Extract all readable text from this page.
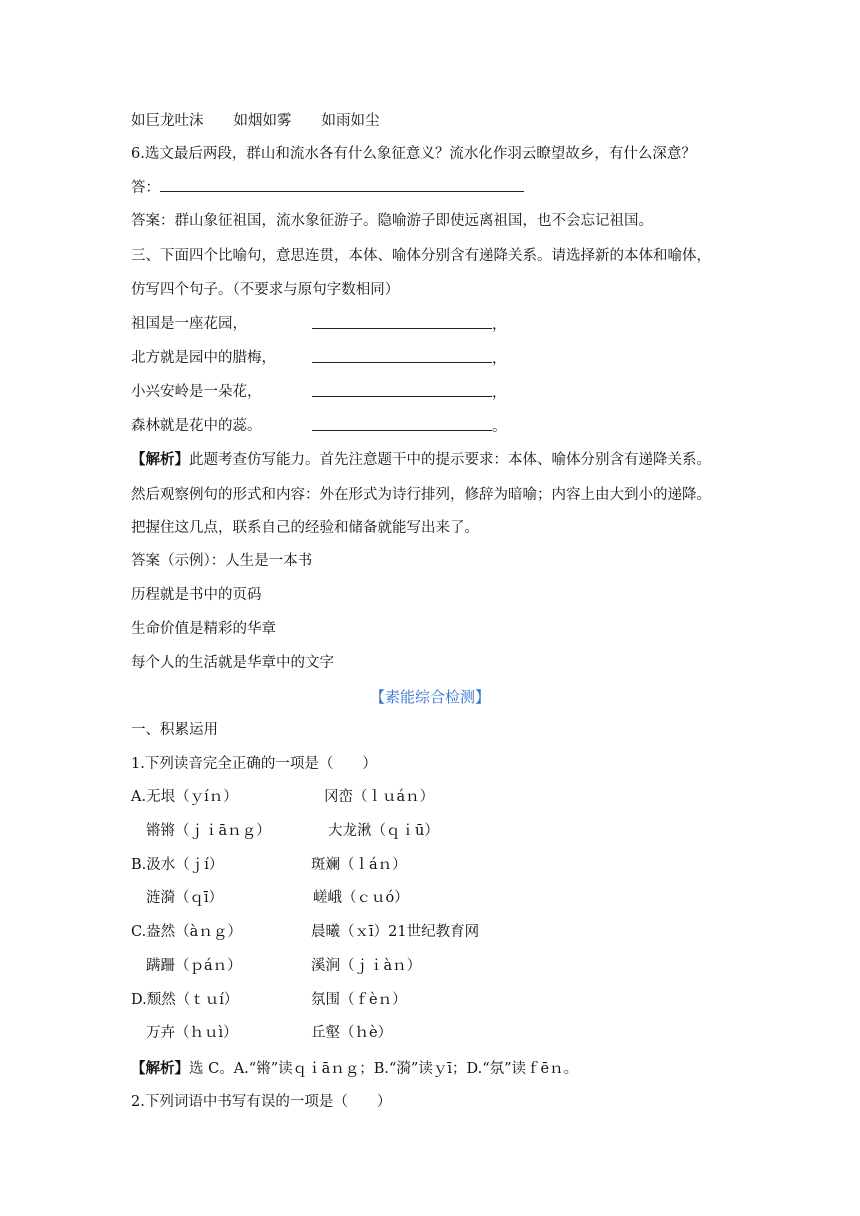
如巨龙吐沫 如烟如雾 如雨如尘
6.选文最后两段，群山和流水各有什么象征意义？流水化作羽云瞭望故乡，有什么深意？
答：
答案：群山象征祖国，流水象征游子。隐喻游子即使远离祖国，也不会忘记祖国。
三、下面四个比喻句，意思连贯，本体、喻体分别含有递降关系。请选择新的本体和喻体，
仿写四个句子。（不要求与原句字数相同）
祖国是一座花园，	，
北方就是园中的腊梅，	，
小兴安岭是一朵花，	，
森林就是花中的蕊。	。
【解析】此题考查仿写能力。首先注意题干中的提示要求：本体、喻体分别含有递降关系。
然后观察例句的形式和内容：外在形式为诗行排列，修辞为暗喻；内容上由大到小的递降。
把握住这几点，联系自己的经验和储备就能写出来了。
答案（示例）：人生是一本书
历程就是书中的页码
生命价值是精彩的华章
每个人的生活就是华章中的文字
【素能综合检测】
一、积累运用
1.下列读音完全正确的一项是（　　）
A.无垠（ｙíｎ）	冈峦（ｌｕáｎ）
锵锵（ｊｉāｎｇ）	大龙湫（ｑｉū）
B.汲水（ｊí）	斑斓（ｌáｎ）
涟漪（ｑī）	嵯峨（ｃｕó）
C.盎然（àｎｇ）	晨曦（ｘī）21世纪教育网
蹒跚（ｐáｎ）	溪涧（ｊｉàｎ）
D.颓然（ｔｕí）	氛围（ｆèｎ）
万卉（ｈｕì）	丘壑（ｈè）
【解析】选 C。A.“锵”读ｑｉāｎｇ；B.“漪”读ｙī；D.“氛”读ｆēｎ。
2.下列词语中书写有误的一项是（　　）
